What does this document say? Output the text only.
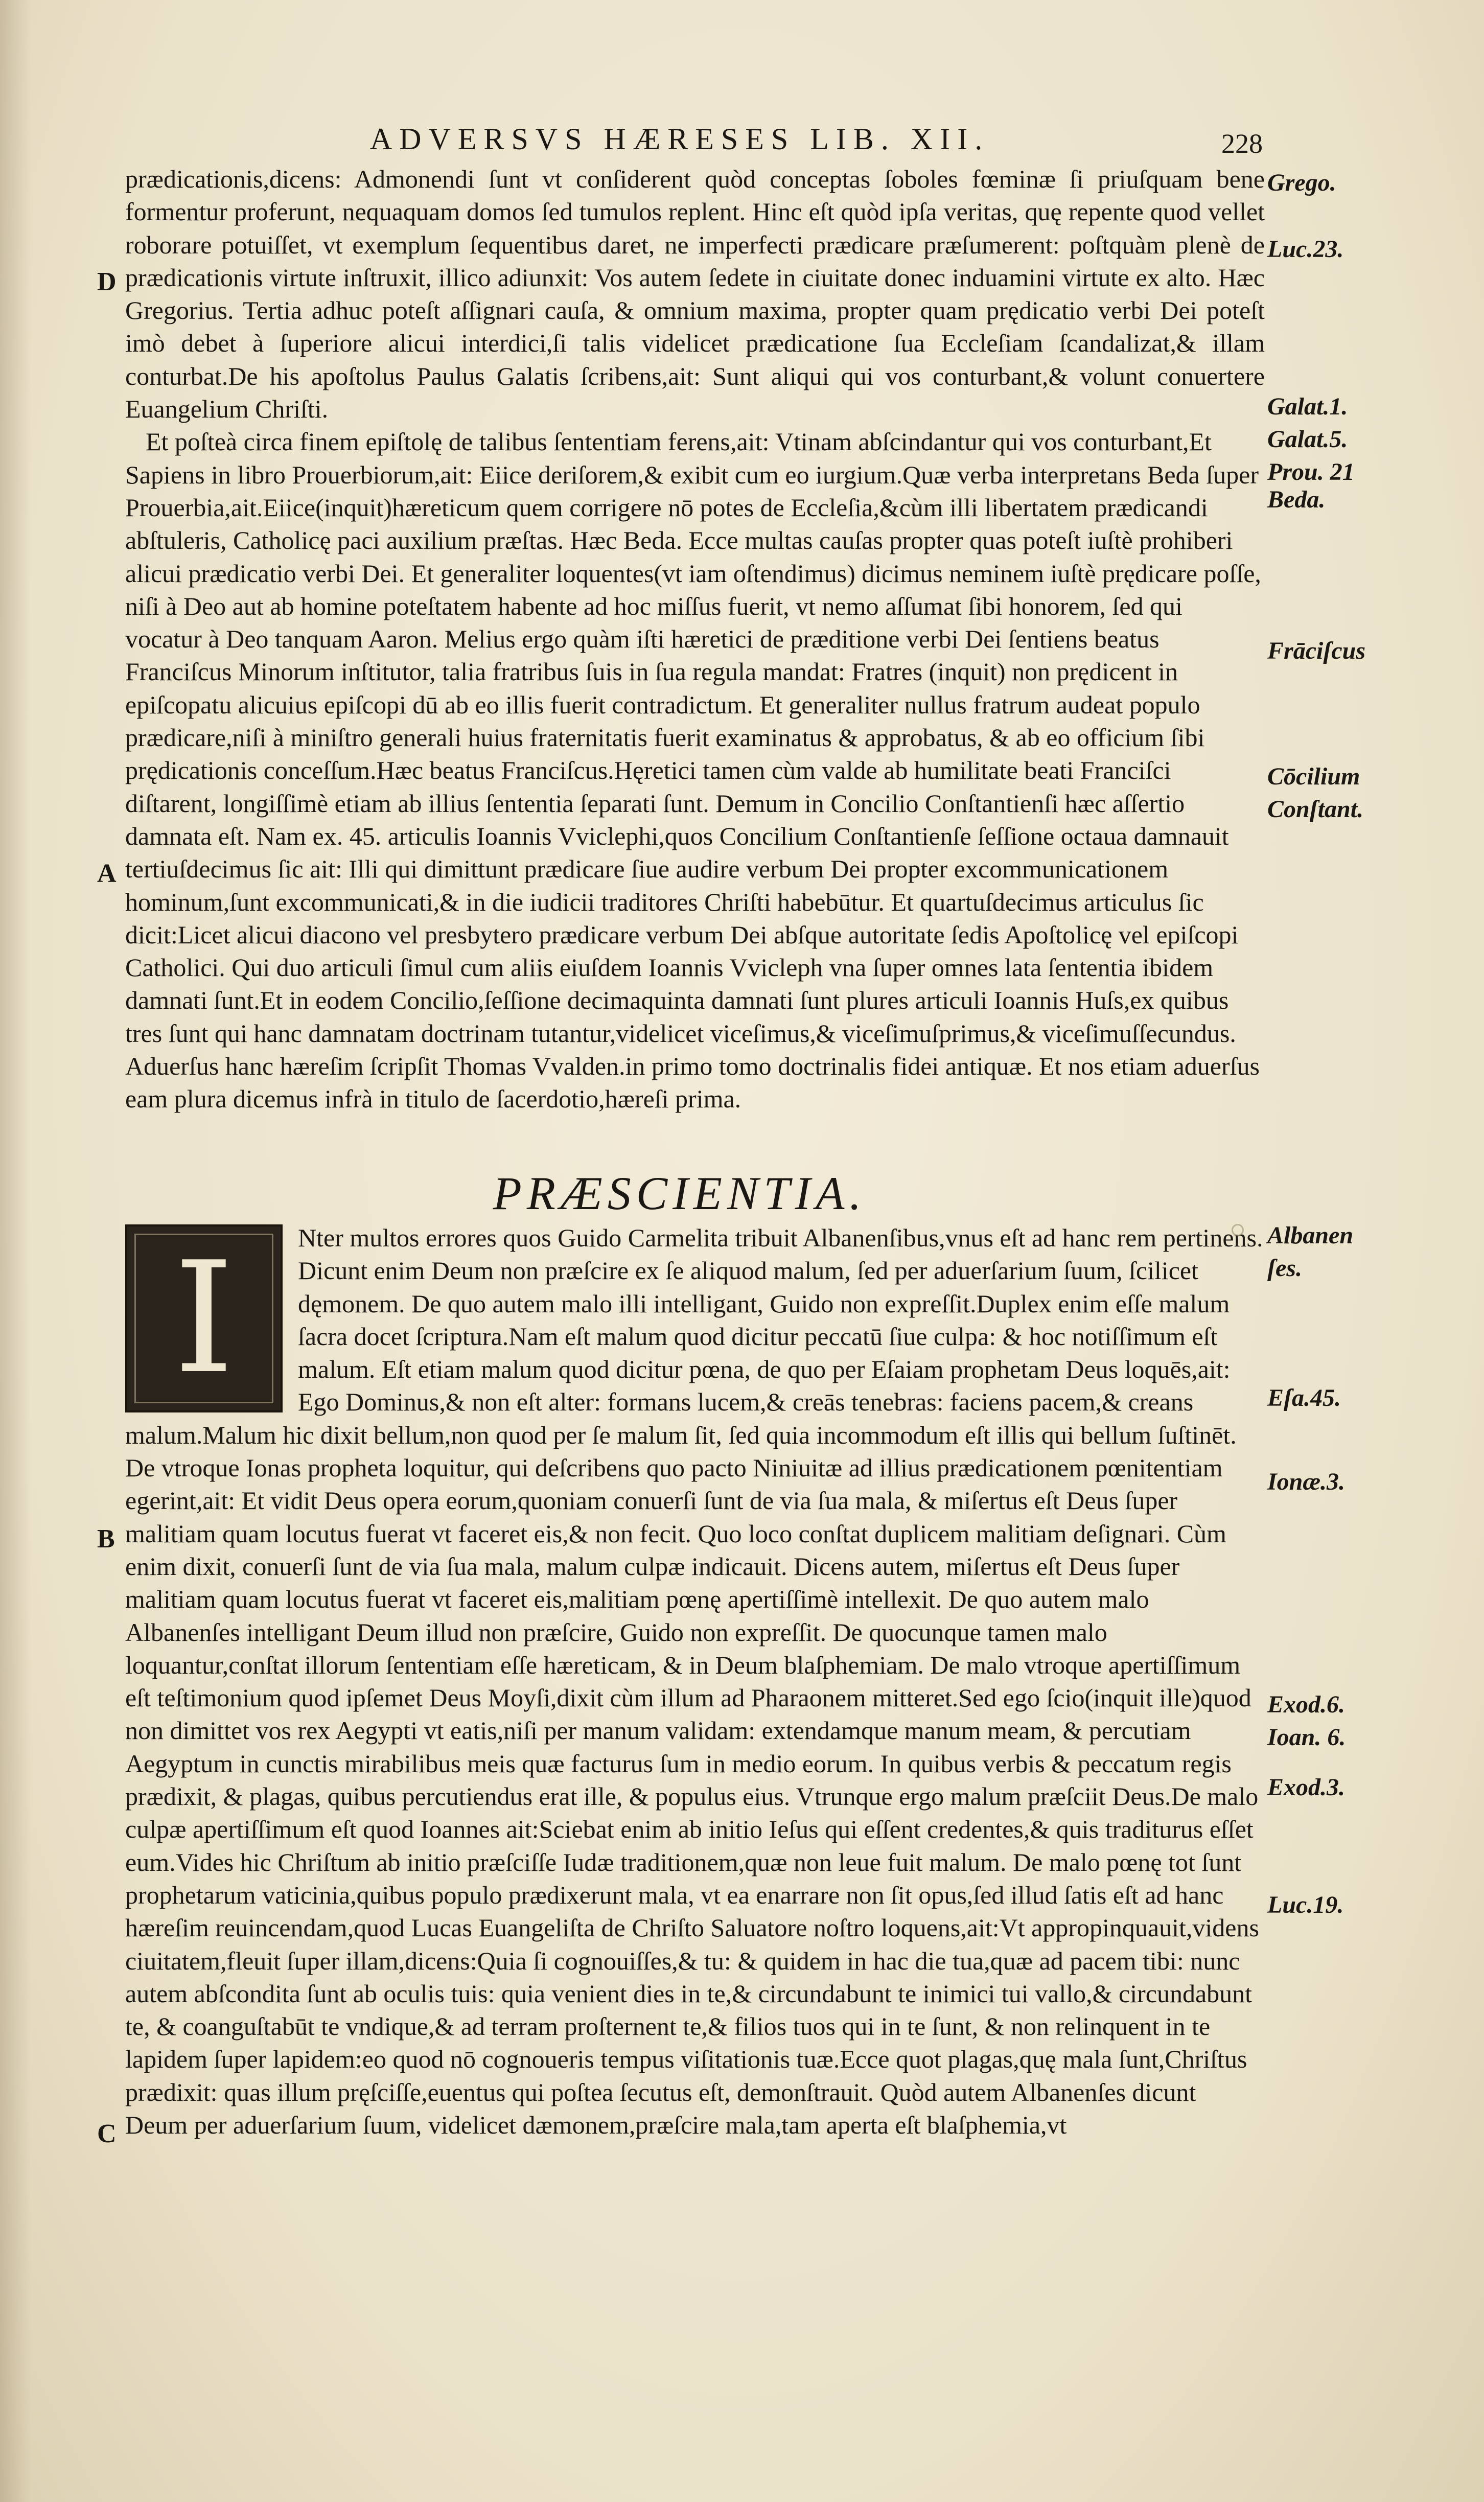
ADVERSVS HÆRESES LIB. XII.	228

prædicationis,dicens: Admonendi ſunt vt conſiderent quòd conceptas ſoboles fœminæ ſi priuſquam bene formentur proferunt, nequaquam domos ſed tumulos replent. Hinc eſt quòd ipſa veritas, quę repente quod vellet roborare potuiſſet, vt exemplum ſequentibus daret, ne imperfecti prædicare præſumerent: poſtquàm plenè de prædicationis virtute inſtruxit, illico adiunxit: Vos autem ſedete in ciuitate donec induamini virtute ex alto. Hæc Gregorius. Tertia adhuc poteſt aſſignari cauſa, & omnium maxima, propter quam prędicatio verbi Dei poteſt imò debet à ſuperiore alicui interdici,ſi talis videlicet prædicatione ſua Eccleſiam ſcandalizat,& illam conturbat.De his apoſtolus Paulus Galatis ſcribens,ait: Sunt aliqui qui vos conturbant,& volunt conuertere Euangelium Chriſti.

Et poſteà circa finem epiſtolę de talibus ſententiam ferens,ait: Vtinam abſcindantur qui vos conturbant,Et Sapiens in libro Prouerbiorum,ait: Eiice deriſorem,& exibit cum eo iurgium.Quæ verba interpretans Beda ſuper Prouerbia,ait.Eiice(inquit)hæreticum quem corrigere nō potes de Eccleſia,&cùm illi libertatem prædicandi abſtuleris, Catholicę paci auxilium præſtas. Hæc Beda. Ecce multas cauſas propter quas poteſt iuſtè prohiberi alicui prædicatio verbi Dei. Et generaliter loquentes(vt iam oſtendimus) dicimus neminem iuſtè prędicare poſſe, niſi à Deo aut ab homine poteſtatem habente ad hoc miſſus fuerit, vt nemo aſſumat ſibi honorem, ſed qui vocatur à Deo tanquam Aaron. Melius ergo quàm iſti hæretici de præditione verbi Dei ſentiens beatus Franciſcus Minorum inſtitutor, talia fratribus ſuis in ſua regula mandat: Fratres (inquit) non prędicent in epiſcopatu alicuius epiſcopi dū ab eo illis fuerit contradictum. Et generaliter nullus fratrum audeat populo prædicare,niſi à miniſtro generali huius fraternitatis fuerit examinatus & approbatus, & ab eo officium ſibi prędicationis conceſſum.Hæc beatus Franciſcus.Hęretici tamen cùm valde ab humilitate beati Franciſci diſtarent, longiſſimè etiam ab illius ſententia ſeparati ſunt. Demum in Concilio Conſtantienſi hæc aſſertio damnata eſt. Nam ex. 45. articulis Ioannis Vviclephi,quos Concilium Conſtantienſe ſeſſione octaua damnauit tertiuſdecimus ſic ait: Illi qui dimittunt prædicare ſiue audire verbum Dei propter excommunicationem hominum,ſunt excommunicati,& in die iudicii traditores Chriſti habebūtur. Et quartuſdecimus articulus ſic dicit:Licet alicui diacono vel presbytero prædicare verbum Dei abſque autoritate ſedis Apoſtolicę vel epiſcopi Catholici. Qui duo articuli ſimul cum aliis eiuſdem Ioannis Vvicleph vna ſuper omnes lata ſententia ibidem damnati ſunt.Et in eodem Concilio,ſeſſione decimaquinta damnati ſunt plures articuli Ioannis Huſs,ex quibus tres ſunt qui hanc damnatam doctrinam tutantur,videlicet viceſimus,& viceſimuſprimus,& viceſimuſſecundus. Aduerſus hanc hæreſim ſcripſit Thomas Vvalden.in primo tomo doctrinalis fidei antiquæ. Et nos etiam aduerſus eam plura dicemus infrà in titulo de ſacerdotio,hæreſi prima.

PRÆSCIENTIA.
I	Nter multos errores quos Guido Carmelita tribuit Albanenſibus,vnus eſt ad hanc rem pertinens. Dicunt enim Deum non præſcire ex ſe aliquod malum, ſed per aduerſarium ſuum, ſcilicet dęmonem. De quo autem malo illi intelligant, Guido non expreſſit.Duplex enim eſſe malum ſacra docet ſcriptura.Nam eſt malum quod dicitur peccatū ſiue culpa: & hoc notiſſimum eſt malum. Eſt etiam malum quod dicitur pœna, de quo per Eſaiam prophetam Deus loquēs,ait: Ego Dominus,& non eſt alter: formans lucem,& creās tenebras: faciens pacem,& creans malum.Malum hic dixit bellum,non quod per ſe malum ſit, ſed quia incommodum eſt illis qui bellum ſuſtinēt. De vtroque Ionas propheta loquitur, qui deſcribens quo pacto Niniuitæ ad illius prædicationem pœnitentiam egerint,ait: Et vidit Deus opera eorum,quoniam conuerſi ſunt de via ſua mala, & miſertus eſt Deus ſuper malitiam quam locutus fuerat vt faceret eis,& non fecit. Quo loco conſtat duplicem malitiam deſignari. Cùm enim dixit, conuerſi ſunt de via ſua mala, malum culpæ indicauit. Dicens autem, miſertus eſt Deus ſuper malitiam quam locutus fuerat vt faceret eis,malitiam pœnę apertiſſimè intellexit. De quo autem malo Albanenſes intelligant Deum illud non præſcire, Guido non expreſſit. De quocunque tamen malo loquantur,conſtat illorum ſententiam eſſe hæreticam, & in Deum blaſphemiam. De malo vtroque apertiſſimum eſt teſtimonium quod ipſemet Deus Moyſi,dixit cùm illum ad Pharaonem mitteret.Sed ego ſcio(inquit ille)quod non dimittet vos rex Aegypti vt eatis,niſi per manum validam: extendamque manum meam, & percutiam Aegyptum in cunctis mirabilibus meis quæ facturus ſum in medio eorum. In quibus verbis & peccatum regis prædixit, & plagas, quibus percutiendus erat ille, & populus eius. Vtrunque ergo malum præſciit Deus.De malo culpæ apertiſſimum eſt quod Ioannes ait:Sciebat enim ab initio Ieſus qui eſſent credentes,& quis traditurus eſſet eum.Vides hic Chriſtum ab initio præſciſſe Iudæ traditionem,quæ non leue fuit malum. De malo pœnę tot ſunt prophetarum vaticinia,quibus populo prædixerunt mala, vt ea enarrare non ſit opus,ſed illud ſatis eſt ad hanc hæreſim reuincendam,quod Lucas Euangeliſta de Chriſto Saluatore noſtro loquens,ait:Vt appropinquauit,videns ciuitatem,fleuit ſuper illam,dicens:Quia ſi cognouiſſes,& tu: & quidem in hac die tua,quæ ad pacem tibi: nunc autem abſcondita ſunt ab oculis tuis: quia venient dies in te,& circundabunt te inimici tui vallo,& circundabunt te, & coanguſtabūt te vndique,& ad terram proſternent te,& filios tuos qui in te ſunt, & non relinquent in te lapidem ſuper lapidem:eo quod nō cognoueris tempus viſitationis tuæ.Ecce quot plagas,quę mala ſunt,Chriſtus prædixit: quas illum pręſciſſe,euentus qui poſtea ſecutus eſt, demonſtrauit. Quòd autem Albanenſes dicunt Deum per aduerſarium ſuum, videlicet dæmonem,præſcire mala,tam aperta eſt blaſphemia,vt

Grego.
Luc.23.
Galat.1.
Galat.5.
Prou. 21
Beda.
Frāciſcus
Cōcilium
Conſtant.
Albanen
ſes.
Eſa.45.
Ionæ.3.
Exod.6.
Ioan. 6.
Exod.3.
Luc.19.
D
A
B
C
